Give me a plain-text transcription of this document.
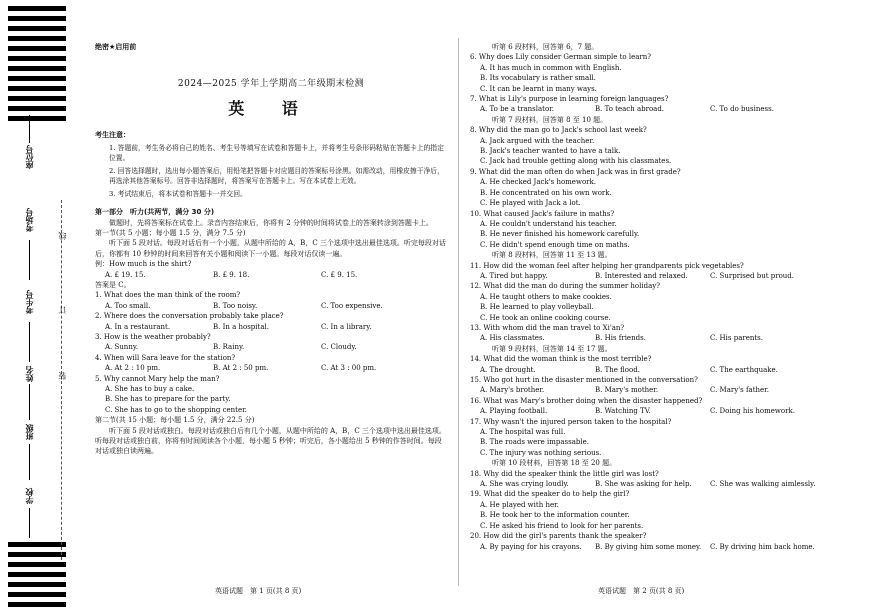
座位号
考场号
考生号
姓名
班级
学校
线
订
装
绝密★启用前
2024—2025 学年上学期高二年级期末检测
英 语
考生注意：

1. 答题前，考生务必将自己的姓名、考生号等填写在试卷和答题卡上，并将考生号条形码粘贴在答题卡上的指定位置。

2. 回答选择题时，选出每小题答案后，用铅笔把答题卡对应题目的答案标号涂黑。如需改动，用橡皮擦干净后，再选涂其他答案标号。回答非选择题时，将答案写在答题卡上。写在本试卷上无效。

3. 考试结束后，将本试卷和答题卡一并交回。

第一部分　听力(共两节，满分 30 分)

做题时，先将答案标在试卷上。录音内容结束后，你将有 2 分钟的时间将试卷上的答案转涂到答题卡上。

第一节(共 5 小题；每小题 1.5 分，满分 7.5 分)

听下面 5 段对话。每段对话后有一个小题，从题中所给的 A，B，C 三个选项中选出最佳选项。听完每段对话后，你都有 10 秒钟的时间来回答有关小题和阅读下一小题。每段对话仅读一遍。

例：How much is the shirt?

A. £ 19. 15.	B. £ 9. 18.	C. £ 9. 15.

答案是 C。

1. What does the man think of the room?

A. Too small.	B. Too noisy.	C. Too expensive.

2. Where does the conversation probably take place?

A. In a restaurant.	B. In a hospital.	C. In a library.

3. How is the weather probably?

A. Sunny.	B. Rainy.	C. Cloudy.

4. When will Sara leave for the station?

A. At 2 : 10 pm.	B. At 2 : 50 pm.	C. At 3 : 00 pm.

5. Why cannot Mary help the man?

A. She has to buy a cake.

B. She has to prepare for the party.

C. She has to go to the shopping center.

第二节(共 15 小题；每小题 1.5 分，满分 22.5 分)

听下面 5 段对话或独白。每段对话或独白后有几个小题，从题中所给的 A，B，C 三个选项中选出最佳选项。听每段对话或独白前，你将有时间阅读各个小题，每小题 5 秒钟；听完后，各小题给出 5 秒钟的作答时间。每段对话或独白读两遍。

听第 6 段材料，回答第 6，7 题。

6. Why does Lily consider German simple to learn?

A. It has much in common with English.

B. Its vocabulary is rather small.

C. It can be learnt in many ways.

7. What is Lily's purpose in learning foreign languages?

A. To be a translator.	B. To teach abroad.	C. To do business.

听第 7 段材料，回答第 8 至 10 题。

8. Why did the man go to Jack's school last week?

A. Jack argued with the teacher.

B. Jack's teacher wanted to have a talk.

C. Jack had trouble getting along with his classmates.

9. What did the man often do when Jack was in first grade?

A. He checked Jack's homework.

B. He concentrated on his own work.

C. He played with Jack a lot.

10. What caused Jack's failure in maths?

A. He couldn't understand his teacher.

B. He never finished his homework carefully.

C. He didn't spend enough time on maths.

听第 8 段材料，回答第 11 至 13 题。

11. How did the woman feel after helping her grandparents pick vegetables?

A. Tired but happy.	B. Interested and relaxed.	C. Surprised but proud.

12. What did the man do during the summer holiday?

A. He taught others to make cookies.

B. He learned to play volleyball.

C. He took an online cooking course.

13. With whom did the man travel to Xi'an?

A. His classmates.	B. His friends.	C. His parents.

听第 9 段材料，回答第 14 至 17 题。

14. What did the woman think is the most terrible?

A. The drought.	B. The flood.	C. The earthquake.

15. Who got hurt in the disaster mentioned in the conversation?

A. Mary's brother.	B. Mary's mother.	C. Mary's father.

16. What was Mary's brother doing when the disaster happened?

A. Playing football.	B. Watching TV.	C. Doing his homework.

17. Why wasn't the injured person taken to the hospital?

A. The hospital was full.

B. The roads were impassable.

C. The injury was nothing serious.

听第 10 段材料，回答第 18 至 20 题。

18. Why did the speaker think the little girl was lost?

A. She was crying loudly.	B. She was asking for help.	C. She was walking aimlessly.

19. What did the speaker do to help the girl?

A. He played with her.

B. He took her to the information counter.

C. He asked his friend to look for her parents.

20. How did the girl's parents thank the speaker?

A. By paying for his crayons.	B. By giving him some money.	C. By driving him back home.
英语试题　第 1 页(共 8 页)	英语试题　第 2 页(共 8 页)
